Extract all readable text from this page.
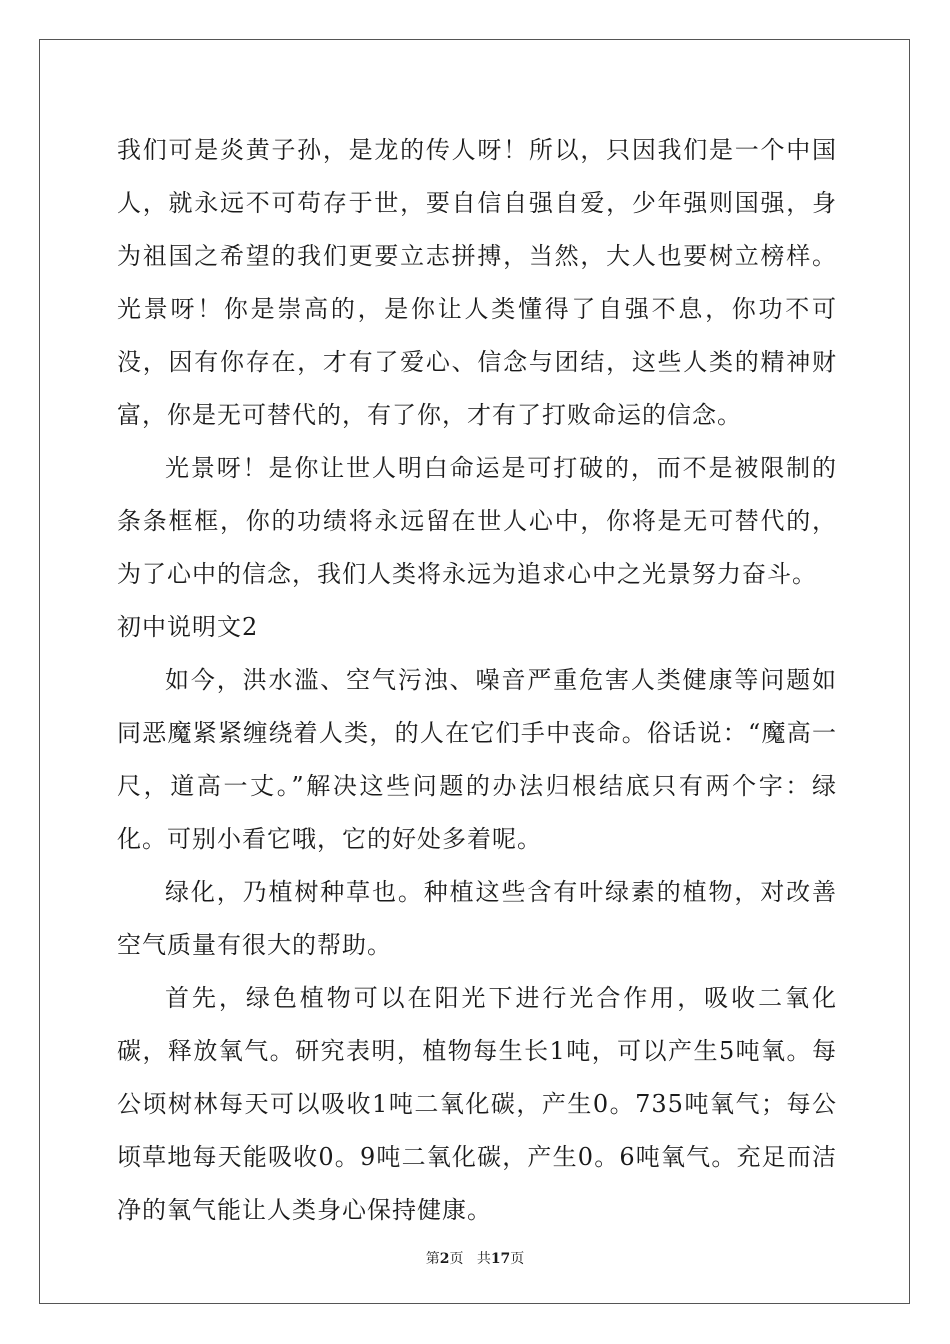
我们可是炎黄子孙，是龙的传人呀！所以，只因我们是一个中国人，就永远不可苟存于世，要自信自强自爱，少年强则国强，身为祖国之希望的我们更要立志拼搏，当然，大人也要树立榜样。光景呀！你是崇高的，是你让人类懂得了自强不息，你功不可没，因有你存在，才有了爱心、信念与团结，这些人类的精神财富，你是无可替代的，有了你，才有了打败命运的信念。

光景呀！是你让世人明白命运是可打破的，而不是被限制的条条框框，你的功绩将永远留在世人心中，你将是无可替代的，为了心中的信念，我们人类将永远为追求心中之光景努力奋斗。

初中说明文2

如今，洪水滥、空气污浊、噪音严重危害人类健康等问题如同恶魔紧紧缠绕着人类，的人在它们手中丧命。俗话说：“魔高一尺，道高一丈。”解决这些问题的办法归根结底只有两个字：绿化。可别小看它哦，它的好处多着呢。

绿化，乃植树种草也。种植这些含有叶绿素的植物，对改善空气质量有很大的帮助。

首先，绿色植物可以在阳光下进行光合作用，吸收二氧化碳，释放氧气。研究表明，植物每生长1吨，可以产生5吨氧。每公顷树林每天可以吸收1吨二氧化碳，产生0。735吨氧气；每公顷草地每天能吸收0。9吨二氧化碳，产生0。6吨氧气。充足而洁净的氧气能让人类身心保持健康。

第2页 共17页
